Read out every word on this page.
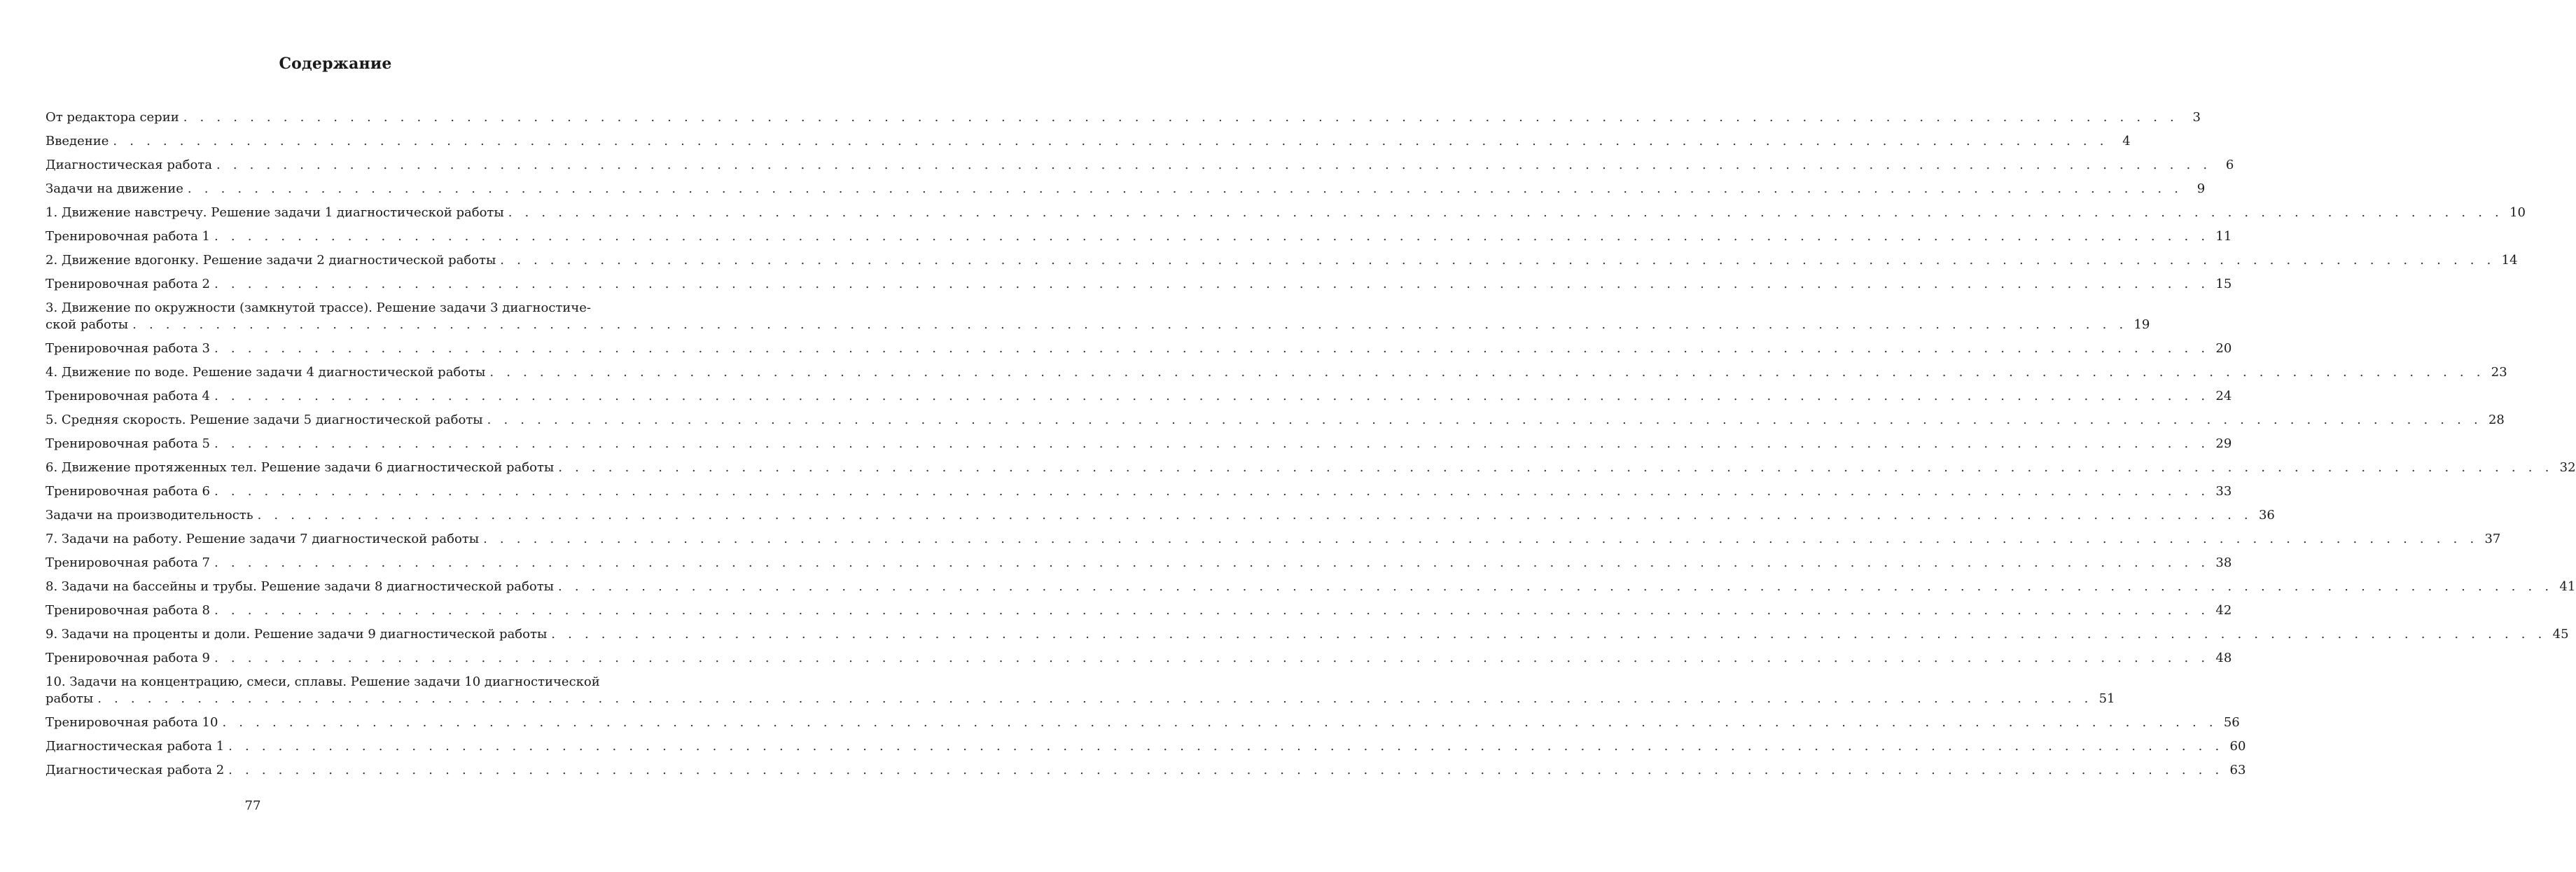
Содержание
От редактора серии . . . . . . . . . . . . . . . . . . . . . . . . . . . . . . . . . . . . . . . . . . . . . . . . . . . . . . . . . . . . . . . . . . . . . . . . . . . . . . . . . . . . . . . . . . . . . . . . . . . . . . . . . . . . . . . . . . . . . . . .	3
Введение . . . . . . . . . . . . . . . . . . . . . . . . . . . . . . . . . . . . . . . . . . . . . . . . . . . . . . . . . . . . . . . . . . . . . . . . . . . . . . . . . . . . . . . . . . . . . . . . . . . . . . . . . . . . . . . . . . . . . . . .	4
Диагностическая работа . . . . . . . . . . . . . . . . . . . . . . . . . . . . . . . . . . . . . . . . . . . . . . . . . . . . . . . . . . . . . . . . . . . . . . . . . . . . . . . . . . . . . . . . . . . . . . . . . . . . . . . . . . . . . . . . . . . . . . . .	6
Задачи на движение . . . . . . . . . . . . . . . . . . . . . . . . . . . . . . . . . . . . . . . . . . . . . . . . . . . . . . . . . . . . . . . . . . . . . . . . . . . . . . . . . . . . . . . . . . . . . . . . . . . . . . . . . . . . . . . . . . . . . . . .	9
1. Движение навстречу. Решение задачи 1 диагностической работы . . . . . . . . . . . . . . . . . . . . . . . . . . . . . . . . . . . . . . . . . . . . . . . . . . . . . . . . . . . . . . . . . . . . . . . . . . . . . . . . . . . . . . . . . . . . . . . . . . . . . . . . . . . . . . . . . . . . . . . . 10
Тренировочная работа 1 . . . . . . . . . . . . . . . . . . . . . . . . . . . . . . . . . . . . . . . . . . . . . . . . . . . . . . . . . . . . . . . . . . . . . . . . . . . . . . . . . . . . . . . . . . . . . . . . . . . . . . . . . . . . . . . . . . . . . . . . 11
2. Движение вдогонку. Решение задачи 2 диагностической работы . . . . . . . . . . . . . . . . . . . . . . . . . . . . . . . . . . . . . . . . . . . . . . . . . . . . . . . . . . . . . . . . . . . . . . . . . . . . . . . . . . . . . . . . . . . . . . . . . . . . . . . . . . . . . . . . . . . . . . . . 14
Тренировочная работа 2 . . . . . . . . . . . . . . . . . . . . . . . . . . . . . . . . . . . . . . . . . . . . . . . . . . . . . . . . . . . . . . . . . . . . . . . . . . . . . . . . . . . . . . . . . . . . . . . . . . . . . . . . . . . . . . . . . . . . . . . . 15
3. Движение по окружности (замкнутой трассе). Решение задачи 3 диагностиче-
ской работы . . . . . . . . . . . . . . . . . . . . . . . . . . . . . . . . . . . . . . . . . . . . . . . . . . . . . . . . . . . . . . . . . . . . . . . . . . . . . . . . . . . . . . . . . . . . . . . . . . . . . . . . . . . . . . . . . . . . . . . . 19
Тренировочная работа 3 . . . . . . . . . . . . . . . . . . . . . . . . . . . . . . . . . . . . . . . . . . . . . . . . . . . . . . . . . . . . . . . . . . . . . . . . . . . . . . . . . . . . . . . . . . . . . . . . . . . . . . . . . . . . . . . . . . . . . . . . 20
4. Движение по воде. Решение задачи 4 диагностической работы . . . . . . . . . . . . . . . . . . . . . . . . . . . . . . . . . . . . . . . . . . . . . . . . . . . . . . . . . . . . . . . . . . . . . . . . . . . . . . . . . . . . . . . . . . . . . . . . . . . . . . . . . . . . . . . . . . . . . . . . 23
Тренировочная работа 4 . . . . . . . . . . . . . . . . . . . . . . . . . . . . . . . . . . . . . . . . . . . . . . . . . . . . . . . . . . . . . . . . . . . . . . . . . . . . . . . . . . . . . . . . . . . . . . . . . . . . . . . . . . . . . . . . . . . . . . . . 24
5. Средняя скорость. Решение задачи 5 диагностической работы . . . . . . . . . . . . . . . . . . . . . . . . . . . . . . . . . . . . . . . . . . . . . . . . . . . . . . . . . . . . . . . . . . . . . . . . . . . . . . . . . . . . . . . . . . . . . . . . . . . . . . . . . . . . . . . . . . . . . . . . 28
Тренировочная работа 5 . . . . . . . . . . . . . . . . . . . . . . . . . . . . . . . . . . . . . . . . . . . . . . . . . . . . . . . . . . . . . . . . . . . . . . . . . . . . . . . . . . . . . . . . . . . . . . . . . . . . . . . . . . . . . . . . . . . . . . . . 29
6. Движение протяженных тел. Решение задачи 6 диагностической работы . . . . . . . . . . . . . . . . . . . . . . . . . . . . . . . . . . . . . . . . . . . . . . . . . . . . . . . . . . . . . . . . . . . . . . . . . . . . . . . . . . . . . . . . . . . . . . . . . . . . . . . . . . . . . . . . . . . . . . . . 32
Тренировочная работа 6 . . . . . . . . . . . . . . . . . . . . . . . . . . . . . . . . . . . . . . . . . . . . . . . . . . . . . . . . . . . . . . . . . . . . . . . . . . . . . . . . . . . . . . . . . . . . . . . . . . . . . . . . . . . . . . . . . . . . . . . . 33
Задачи на производительность . . . . . . . . . . . . . . . . . . . . . . . . . . . . . . . . . . . . . . . . . . . . . . . . . . . . . . . . . . . . . . . . . . . . . . . . . . . . . . . . . . . . . . . . . . . . . . . . . . . . . . . . . . . . . . . . . . . . . . . . 36
7. Задачи на работу. Решение задачи 7 диагностической работы . . . . . . . . . . . . . . . . . . . . . . . . . . . . . . . . . . . . . . . . . . . . . . . . . . . . . . . . . . . . . . . . . . . . . . . . . . . . . . . . . . . . . . . . . . . . . . . . . . . . . . . . . . . . . . . . . . . . . . . . 37
Тренировочная работа 7 . . . . . . . . . . . . . . . . . . . . . . . . . . . . . . . . . . . . . . . . . . . . . . . . . . . . . . . . . . . . . . . . . . . . . . . . . . . . . . . . . . . . . . . . . . . . . . . . . . . . . . . . . . . . . . . . . . . . . . . . 38
8. Задачи на бассейны и трубы. Решение задачи 8 диагностической работы . . . . . . . . . . . . . . . . . . . . . . . . . . . . . . . . . . . . . . . . . . . . . . . . . . . . . . . . . . . . . . . . . . . . . . . . . . . . . . . . . . . . . . . . . . . . . . . . . . . . . . . . . . . . . . . . . . . . . . . . 41
Тренировочная работа 8 . . . . . . . . . . . . . . . . . . . . . . . . . . . . . . . . . . . . . . . . . . . . . . . . . . . . . . . . . . . . . . . . . . . . . . . . . . . . . . . . . . . . . . . . . . . . . . . . . . . . . . . . . . . . . . . . . . . . . . . . 42
9. Задачи на проценты и доли. Решение задачи 9 диагностической работы . . . . . . . . . . . . . . . . . . . . . . . . . . . . . . . . . . . . . . . . . . . . . . . . . . . . . . . . . . . . . . . . . . . . . . . . . . . . . . . . . . . . . . . . . . . . . . . . . . . . . . . . . . . . . . . . . . . . . . . . 45
Тренировочная работа 9 . . . . . . . . . . . . . . . . . . . . . . . . . . . . . . . . . . . . . . . . . . . . . . . . . . . . . . . . . . . . . . . . . . . . . . . . . . . . . . . . . . . . . . . . . . . . . . . . . . . . . . . . . . . . . . . . . . . . . . . . 48
10. Задачи на концентрацию, смеси, сплавы. Решение задачи 10 диагностической
работы . . . . . . . . . . . . . . . . . . . . . . . . . . . . . . . . . . . . . . . . . . . . . . . . . . . . . . . . . . . . . . . . . . . . . . . . . . . . . . . . . . . . . . . . . . . . . . . . . . . . . . . . . . . . . . . . . . . . . . . . 51
Тренировочная работа 10 . . . . . . . . . . . . . . . . . . . . . . . . . . . . . . . . . . . . . . . . . . . . . . . . . . . . . . . . . . . . . . . . . . . . . . . . . . . . . . . . . . . . . . . . . . . . . . . . . . . . . . . . . . . . . . . . . . . . . . . . 56
Диагностическая работа 1 . . . . . . . . . . . . . . . . . . . . . . . . . . . . . . . . . . . . . . . . . . . . . . . . . . . . . . . . . . . . . . . . . . . . . . . . . . . . . . . . . . . . . . . . . . . . . . . . . . . . . . . . . . . . . . . . . . . . . . . . 60
Диагностическая работа 2 . . . . . . . . . . . . . . . . . . . . . . . . . . . . . . . . . . . . . . . . . . . . . . . . . . . . . . . . . . . . . . . . . . . . . . . . . . . . . . . . . . . . . . . . . . . . . . . . . . . . . . . . . . . . . . . . . . . . . . . . 63
77
